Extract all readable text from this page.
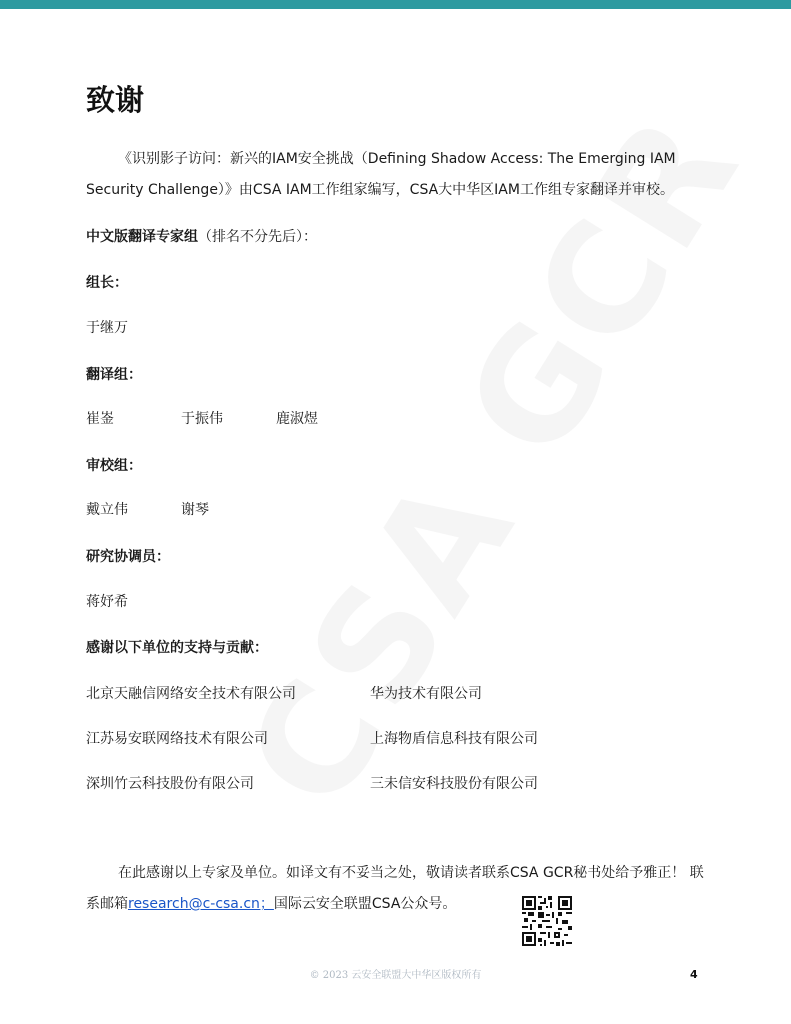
致谢
《识别影子访问：新兴的IAM安全挑战（Defining Shadow Access: The Emerging IAM Security Challenge）》由CSA IAM工作组家编写，CSA大中华区IAM工作组专家翻译并审校。
中文版翻译专家组（排名不分先后）：
组长：
于继万
翻译组：
崔崟	于振伟	鹿淑煜
审校组：
戴立伟	谢琴
研究协调员：
蒋妤希
感谢以下单位的支持与贡献：
北京天融信网络安全技术有限公司	华为技术有限公司
江苏易安联网络技术有限公司	上海物盾信息科技有限公司
深圳竹云科技股份有限公司	三未信安科技股份有限公司
在此感谢以上专家及单位。如译文有不妥当之处，敬请读者联系CSA GCR秘书处给予雅正！ 联系邮箱research@c-csa.cn；国际云安全联盟CSA公众号。
© 2023 云安全联盟大中华区版权所有	4
